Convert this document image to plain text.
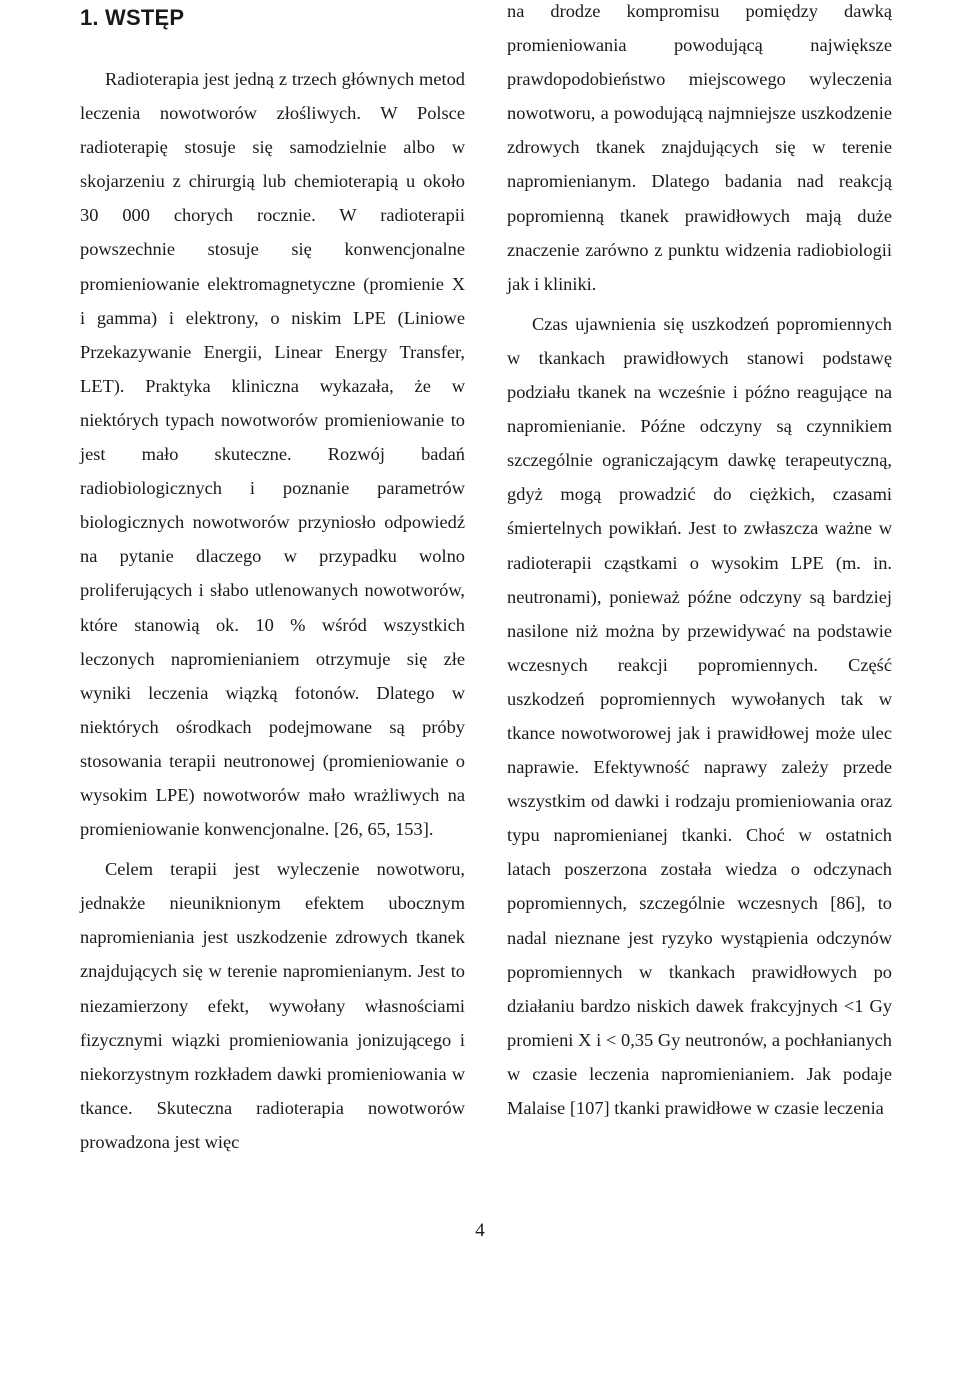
1. WSTĘP

Radioterapia jest jedną z trzech głównych metod leczenia nowotworów złośliwych. W Polsce radioterapię stosuje się samodzielnie albo w skojarzeniu z chirurgią lub chemioterapią u około 30 000 chorych rocznie. W radioterapii powszechnie stosuje się konwencjonalne promieniowanie elektromagnetyczne (promienie X i gamma) i elektrony, o niskim LPE (Liniowe Przekazywanie Energii, Linear Energy Transfer, LET). Praktyka kliniczna wykazała, że w niektórych typach nowotworów promieniowanie to jest mało skuteczne. Rozwój badań radiobiologicznych i poznanie parametrów biologicznych nowotworów przyniosło odpowiedź na pytanie dlaczego w przypadku wolno proliferujących i słabo utlenowanych nowotworów, które stanowią ok. 10 % wśród wszystkich leczonych napromienianiem otrzymuje się złe wyniki leczenia wiązką fotonów. Dlatego w niektórych ośrodkach podejmowane są próby stosowania terapii neutronowej (promieniowanie o wysokim LPE) nowotworów mało wrażliwych na promieniowanie konwencjonalne. [26, 65, 153].

Celem terapii jest wyleczenie nowotworu, jednakże nieuniknionym efektem ubocznym napromieniania jest uszkodzenie zdrowych tkanek znajdujących się w terenie napromienianym. Jest to niezamierzony efekt, wywołany własnościami fizycznymi wiązki promieniowania jonizującego i niekorzystnym rozkładem dawki promieniowania w tkance. Skuteczna radioterapia nowotworów prowadzona jest więc

na drodze kompromisu pomiędzy dawką promieniowania powodującą największe prawdopodobieństwo miejscowego wyleczenia nowotworu, a powodującą najmniejsze uszkodzenie zdrowych tkanek znajdujących się w terenie napromienianym. Dlatego badania nad reakcją popromienną tkanek prawidłowych mają duże znaczenie zarówno z punktu widzenia radiobiologii jak i kliniki.

Czas ujawnienia się uszkodzeń popromiennych w tkankach prawidłowych stanowi podstawę podziału tkanek na wcześnie i późno reagujące na napromienianie. Późne odczyny są czynnikiem szczególnie ograniczającym dawkę terapeutyczną, gdyż mogą prowadzić do ciężkich, czasami śmiertelnych powikłań. Jest to zwłaszcza ważne w radioterapii cząstkami o wysokim LPE (m. in. neutronami), ponieważ późne odczyny są bardziej nasilone niż można by przewidywać na podstawie wczesnych reakcji popromiennych. Część uszkodzeń popromiennych wywołanych tak w tkance nowotworowej jak i prawidłowej może ulec naprawie. Efektywność naprawy zależy przede wszystkim od dawki i rodzaju promieniowania oraz typu napromienianej tkanki. Choć w ostatnich latach poszerzona została wiedza o odczynach popromiennych, szczególnie wczesnych [86], to nadal nieznane jest ryzyko wystąpienia odczynów popromiennych w tkankach prawidłowych po działaniu bardzo niskich dawek frakcyjnych <1 Gy promieni X i < 0,35 Gy neutronów, a pochłanianych w czasie leczenia napromienianiem. Jak podaje Malaise [107] tkanki prawidłowe w czasie leczenia

4
